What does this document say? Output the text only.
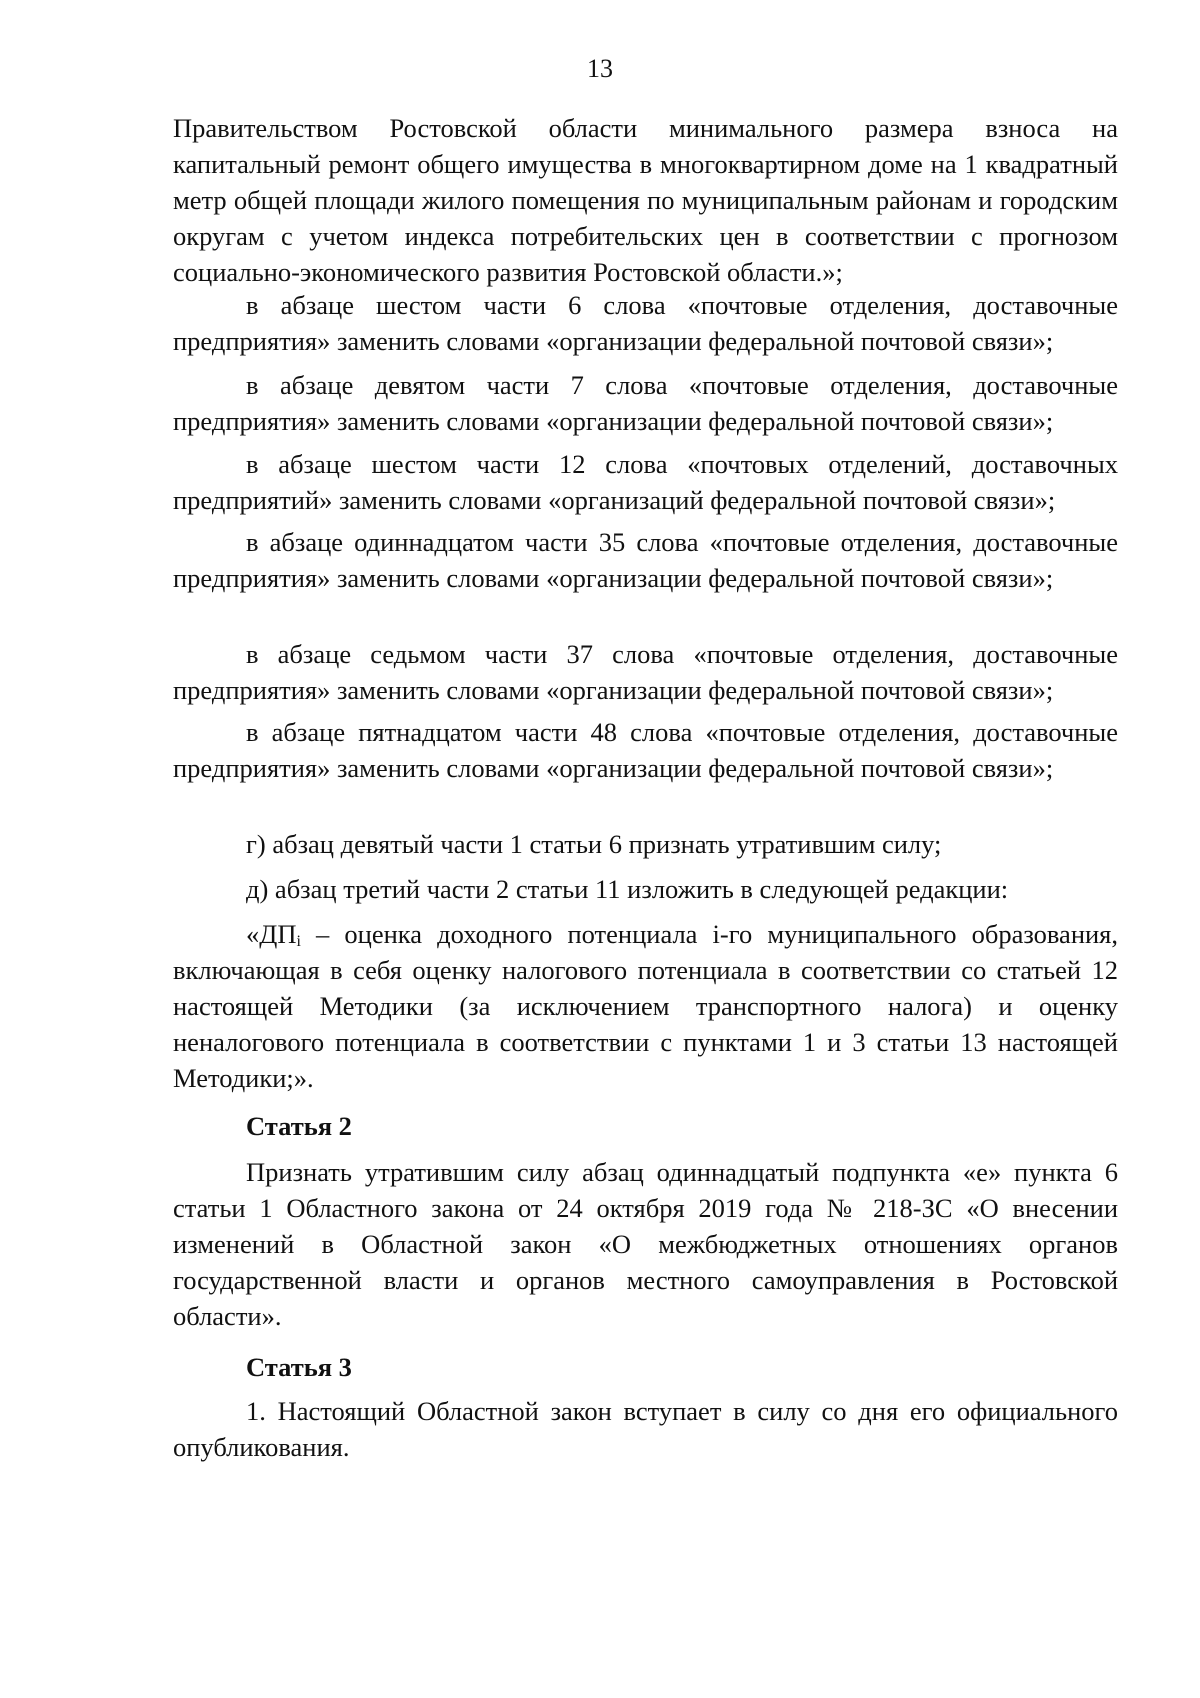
13

Правительством Ростовской области минимального размера взноса на капитальный ремонт общего имущества в многоквартирном доме на 1 квадратный метр общей площади жилого помещения по муниципальным районам и городским округам с учетом индекса потребительских цен в соответствии с прогнозом социально-экономического развития Ростовской области.»;

в абзаце шестом части 6 слова «почтовые отделения, доставочные предприятия» заменить словами «организации федеральной почтовой связи»;

в абзаце девятом части 7 слова «почтовые отделения, доставочные предприятия» заменить словами «организации федеральной почтовой связи»;

в абзаце шестом части 12 слова «почтовых отделений, доставочных предприятий» заменить словами «организаций федеральной почтовой связи»;

в абзаце одиннадцатом части 35 слова «почтовые отделения, доставочные предприятия» заменить словами «организации федеральной почтовой связи»;

в абзаце седьмом части 37 слова «почтовые отделения, доставочные предприятия» заменить словами «организации федеральной почтовой связи»;

в абзаце пятнадцатом части 48 слова «почтовые отделения, доставочные предприятия» заменить словами «организации федеральной почтовой связи»;

г) абзац девятый части 1 статьи 6 признать утратившим силу;

д) абзац третий части 2 статьи 11 изложить в следующей редакции:

«ДПi – оценка доходного потенциала i-го муниципального образования, включающая в себя оценку налогового потенциала в соответствии со статьей 12 настоящей Методики (за исключением транспортного налога) и оценку неналогового потенциала в соответствии с пунктами 1 и 3 статьи 13 настоящей Методики;».

Статья 2

Признать утратившим силу абзац одиннадцатый подпункта «е» пункта 6 статьи 1 Областного закона от 24 октября 2019 года № 218-ЗС «О внесении изменений в Областной закон «О межбюджетных отношениях органов государственной власти и органов местного самоуправления в Ростовской области».

Статья 3

1. Настоящий Областной закон вступает в силу со дня его официального опубликования.
